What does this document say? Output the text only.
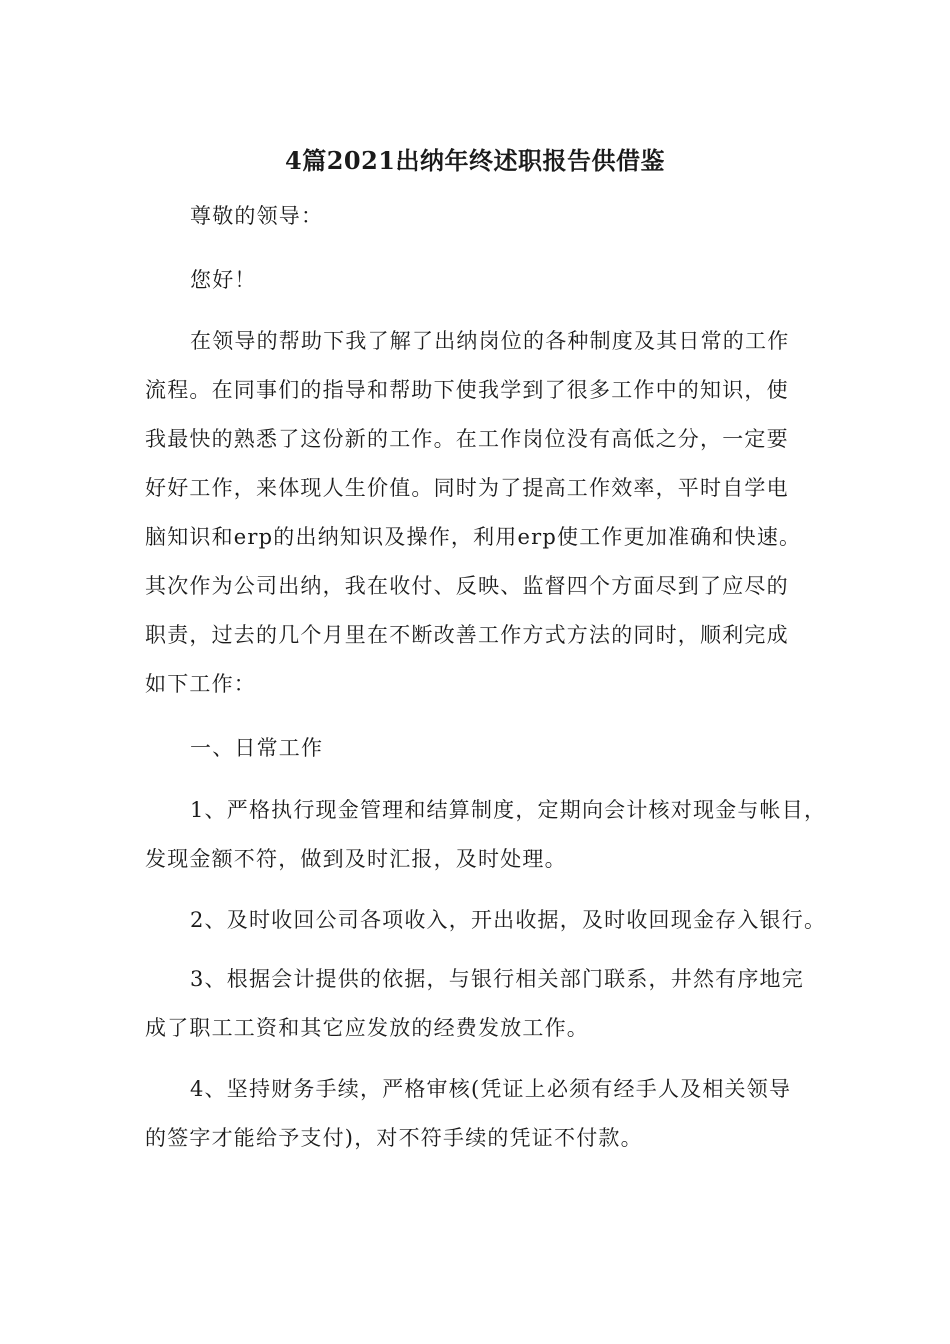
4篇2021出纳年终述职报告供借鉴
尊敬的领导：
您好！
在领导的帮助下我了解了出纳岗位的各种制度及其日常的工作
流程。在同事们的指导和帮助下使我学到了很多工作中的知识，使
我最快的熟悉了这份新的工作。在工作岗位没有高低之分，一定要
好好工作，来体现人生价值。同时为了提高工作效率，平时自学电
脑知识和erp的出纳知识及操作，利用erp使工作更加准确和快速。
其次作为公司出纳，我在收付、反映、监督四个方面尽到了应尽的
职责，过去的几个月里在不断改善工作方式方法的同时，顺利完成
如下工作：
一、日常工作
1、严格执行现金管理和结算制度，定期向会计核对现金与帐目，
发现金额不符，做到及时汇报，及时处理。
2、及时收回公司各项收入，开出收据，及时收回现金存入银行。
3、根据会计提供的依据，与银行相关部门联系，井然有序地完
成了职工工资和其它应发放的经费发放工作。
4、坚持财务手续，严格审核(凭证上必须有经手人及相关领导
的签字才能给予支付)，对不符手续的凭证不付款。
